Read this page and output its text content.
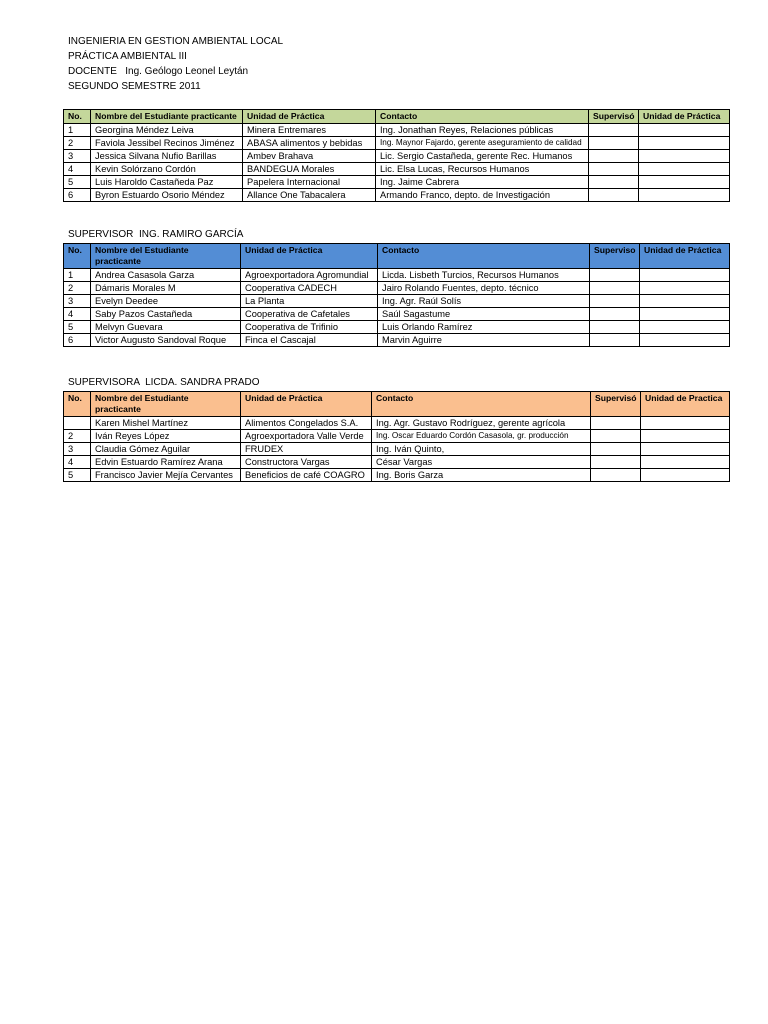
INGENIERIA EN GESTION AMBIENTAL LOCAL
PRÁCTICA AMBIENTAL III
DOCENTE   Ing. Geólogo Leonel Leytán
SEGUNDO SEMESTRE 2011
No.	Nombre del Estudiante practicante	Unidad de Práctica	Contacto	Supervisó	Unidad de Práctica
1	Georgina Méndez Leiva	Minera Entremares	Ing. Jonathan Reyes, Relaciones públicas		
2	Faviola Jessibel Recinos Jiménez	ABASA alimentos y bebidas	Ing. Maynor Fajardo, gerente aseguramiento de calidad		
3	Jessica Silvana Nufio Barillas	Ambev Brahava	Lic. Sergio Castañeda, gerente Rec. Humanos		
4	Kevin Solórzano Cordón	BANDEGUA Morales	Lic. Elsa Lucas, Recursos Humanos		
5	Luis Haroldo Castañeda Paz	Papelera Internacional	Ing. Jaime Cabrera		
6	Byron Estuardo Osorio Méndez	Allance One Tabacalera	Armando Franco, depto. de Investigación		
SUPERVISOR  ING. RAMIRO GARCÍA
No.	Nombre del Estudiante practicante	Unidad de Práctica	Contacto	Superviso	Unidad de Práctica
1	Andrea Casasola Garza	Agroexportadora Agromundial	Licda. Lisbeth Turcios, Recursos Humanos		
2	Dámaris Morales M	Cooperativa CADECH	Jairo Rolando Fuentes, depto. técnico		
3	Evelyn Deedee	La Planta	Ing. Agr. Raúl Solís		
4	Saby Pazos Castañeda	Cooperativa de Cafetales	Saúl Sagastume		
5	Melvyn Guevara	Cooperativa de Trifinio	Luis Orlando Ramírez		
6	Victor Augusto Sandoval Roque	Finca el Cascajal	Marvin Aguirre		
SUPERVISORA  LICDA. SANDRA PRADO
No.	Nombre del Estudiante practicante	Unidad de Práctica	Contacto	Supervisó	Unidad de Practica
	Karen Mishel Martínez	Alimentos Congelados S.A.	Ing. Agr. Gustavo Rodríguez, gerente agrícola		
2	Iván Reyes López	Agroexportadora Valle Verde	Ing. Oscar Eduardo Cordón Casasola, gr. producción		
3	Claudia Gómez Aguilar	FRUDEX	Ing. Iván Quinto,		
4	Edvin Estuardo Ramírez Arana	Constructora Vargas	César Vargas		
5	Francisco Javier Mejía Cervantes	Beneficios de café COAGRO	Ing. Boris Garza		
